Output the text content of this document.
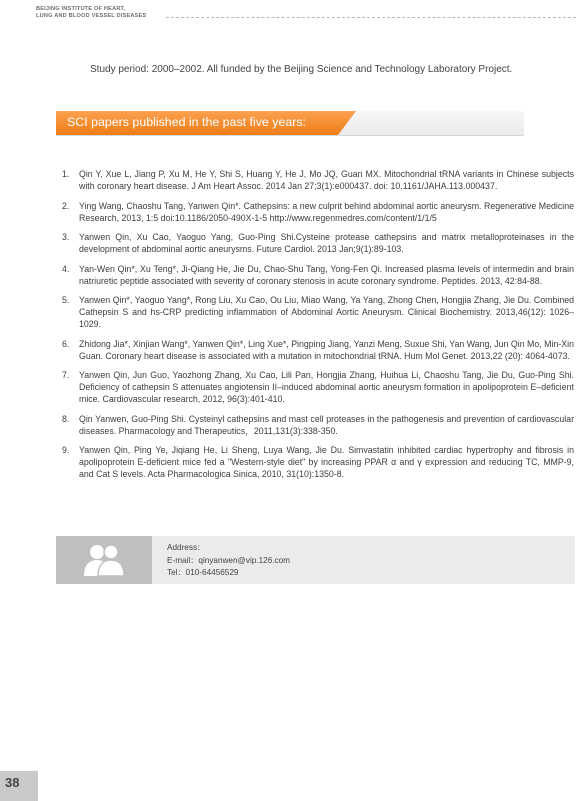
BEIJING INSTITUTE OF HEART,
LUNG AND BLOOD VESSEL DISEASES
Study period: 2000–2002. All funded by the Beijing Science and Technology Laboratory Project.
SCI papers published in the past five years:
1. Qin Y, Xue L, Jiang P, Xu M, He Y, Shi S, Huang Y, He J, Mo JQ, Guan MX. Mitochondrial tRNA variants in Chinese subjects with coronary heart disease. J Am Heart Assoc. 2014 Jan 27;3(1):e000437. doi: 10.1161/JAHA.113.000437.
2. Ying Wang, Chaoshu Tang, Yanwen Qin*. Cathepsins: a new culprit behind abdominal aortic aneurysm. Regenerative Medicine Research, 2013, 1:5 doi:10.1186/2050-490X-1-5 http://www.regenmedres.com/content/1/1/5
3. Yanwen Qin, Xu Cao, Yaoguo Yang, Guo-Ping Shi.Cysteine protease cathepsins and matrix metalloproteinases in the development of abdominal aortic aneurysms. Future Cardiol. 2013 Jan;9(1):89-103.
4. Yan-Wen Qin*, Xu Teng*, Ji-Qiang He, Jie Du, Chao-Shu Tang, Yong-Fen Qi. Increased plasma levels of intermedin and brain natriuretic peptide associated with severity of coronary stenosis in acute coronary syndrome. Peptides. 2013, 42:84-88.
5. Yanwen Qin*, Yaoguo Yang*, Rong Liu, Xu Cao, Ou Liu, Miao Wang, Ya Yang, Zhong Chen, Hongjia Zhang, Jie Du. Combined Cathepsin S and hs-CRP predicting inflammation of Abdominal Aortic Aneurysm. Clinical Biochemistry. 2013,46(12): 1026–1029.
6. Zhidong Jia*, Xinjian Wang*, Yanwen Qin*, Ling Xue*, Pingping Jiang, Yanzi Meng, Suxue Shi, Yan Wang, Jun Qin Mo, Min-Xin Guan. Coronary heart disease is associated with a mutation in mitochondrial tRNA. Hum Mol Genet. 2013,22 (20): 4064-4073.
7. Yanwen Qin, Jun Guo, Yaozhong Zhang, Xu Cao, Lili Pan, Hongjia Zhang, Huihua Li, Chaoshu Tang, Jie Du, Guo-Ping Shi. Deficiency of cathepsin S attenuates angiotensin II–induced abdominal aortic aneurysm formation in apolipoprotein E–deficient mice. Cardiovascular research, 2012, 96(3):401-410.
8. Qin Yanwen, Guo-Ping Shi. Cysteinyl cathepsins and mast cell proteases in the pathogenesis and prevention of cardiovascular diseases. Pharmacology and Therapeutics，2011,131(3):338-350.
9. Yanwen Qin, Ping Ye, Jiqiang He, Li Sheng, Luya Wang, Jie Du. Simvastatin inhibited cardiac hypertrophy and fibrosis in apolipoprotein E-deficient mice fed a "Western-style diet" by increasing PPAR α and γ expression and reducing TC, MMP-9, and Cat S levels. Acta Pharmacologica Sinica, 2010, 31(10):1350-8.
Address：
E-mail：qinyanwen@vip.126.com
Tel：010-64456529
38
